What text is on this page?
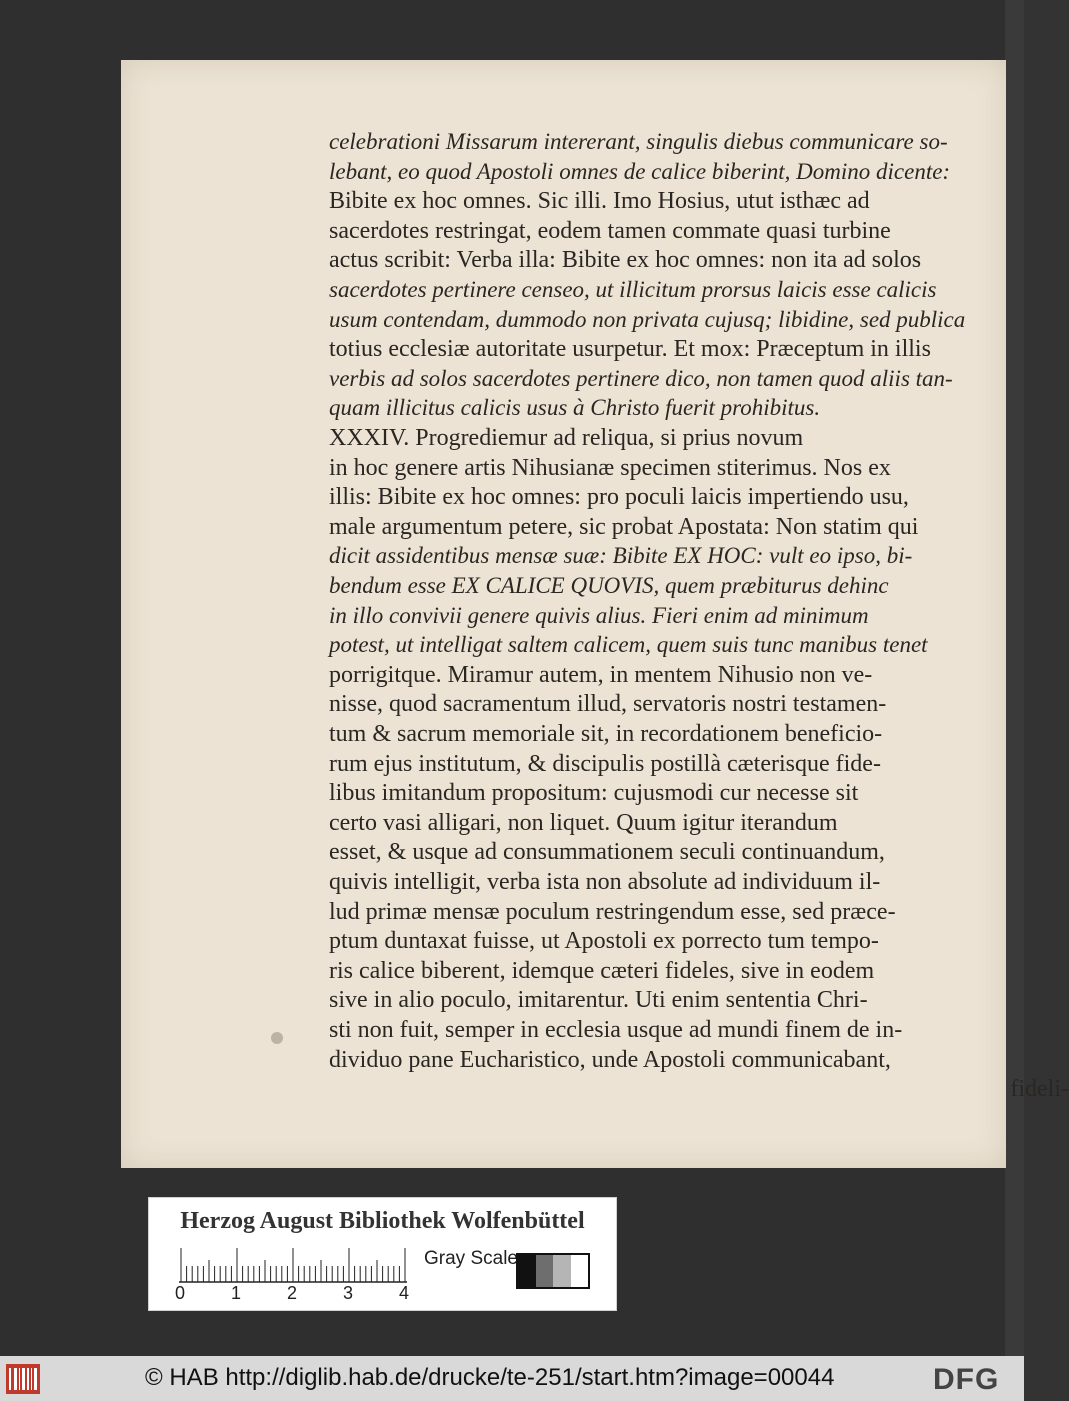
celebrationi Missarum intererant, singulis diebus communicare so-
lebant, eo quod Apostoli omnes de calice biberint, Domino dicente:
Bibite ex hoc omnes. Sic illi. Imo Hosius, utut isthæc ad
sacerdotes restringat, eodem tamen commate quasi turbine
actus scribit: Verba illa: Bibite ex hoc omnes: non ita ad solos
sacerdotes pertinere censeo, ut illicitum prorsus laicis esse calicis
usum contendam, dummodo non privata cujusq; libidine, sed publica
totius ecclesiæ autoritate usurpetur. Et mox: Præceptum in illis
verbis ad solos sacerdotes pertinere dico, non tamen quod aliis tan-
quam illicitus calicis usus à Christo fuerit prohibitus.
XXXIV. Progrediemur ad reliqua, si prius novum
in hoc genere artis Nihusianæ specimen stiterimus. Nos ex
illis: Bibite ex hoc omnes: pro poculi laicis impertiendo usu,
male argumentum petere, sic probat Apostata: Non statim qui
dicit assidentibus mensæ suæ: Bibite EX HOC: vult eo ipso, bi-
bendum esse EX CALICE QUOVIS, quem præbiturus dehinc
in illo convivii genere quivis alius. Fieri enim ad minimum
potest, ut intelligat saltem calicem, quem suis tunc manibus tenet
porrigitque. Miramur autem, in mentem Nihusio non ve-
nisse, quod sacramentum illud, servatoris nostri testamen-
tum & sacrum memoriale sit, in recordationem beneficio-
rum ejus institutum, & discipulis postillà cæterisque fide-
libus imitandum propositum: cujusmodi cur necesse sit
certo vasi alligari, non liquet. Quum igitur iterandum
esset, & usque ad consummationem seculi continuandum,
quivis intelligit, verba ista non absolute ad individuum il-
lud primæ mensæ poculum restringendum esse, sed præce-
ptum duntaxat fuisse, ut Apostoli ex porrecto tum tempo-
ris calice biberent, idemque cæteri fideles, sive in eodem
sive in alio poculo, imitarentur. Uti enim sententia Chri-
sti non fuit, semper in ecclesia usque ad mundi finem de in-
dividuo pane Eucharistico, unde Apostoli communicabant,
fideli-
Herzog August Bibliothek Wolfenbüttel
0	1	2	3	4
Gray Scale
© HAB http://diglib.hab.de/drucke/te-251/start.htm?image=00044	DFG
